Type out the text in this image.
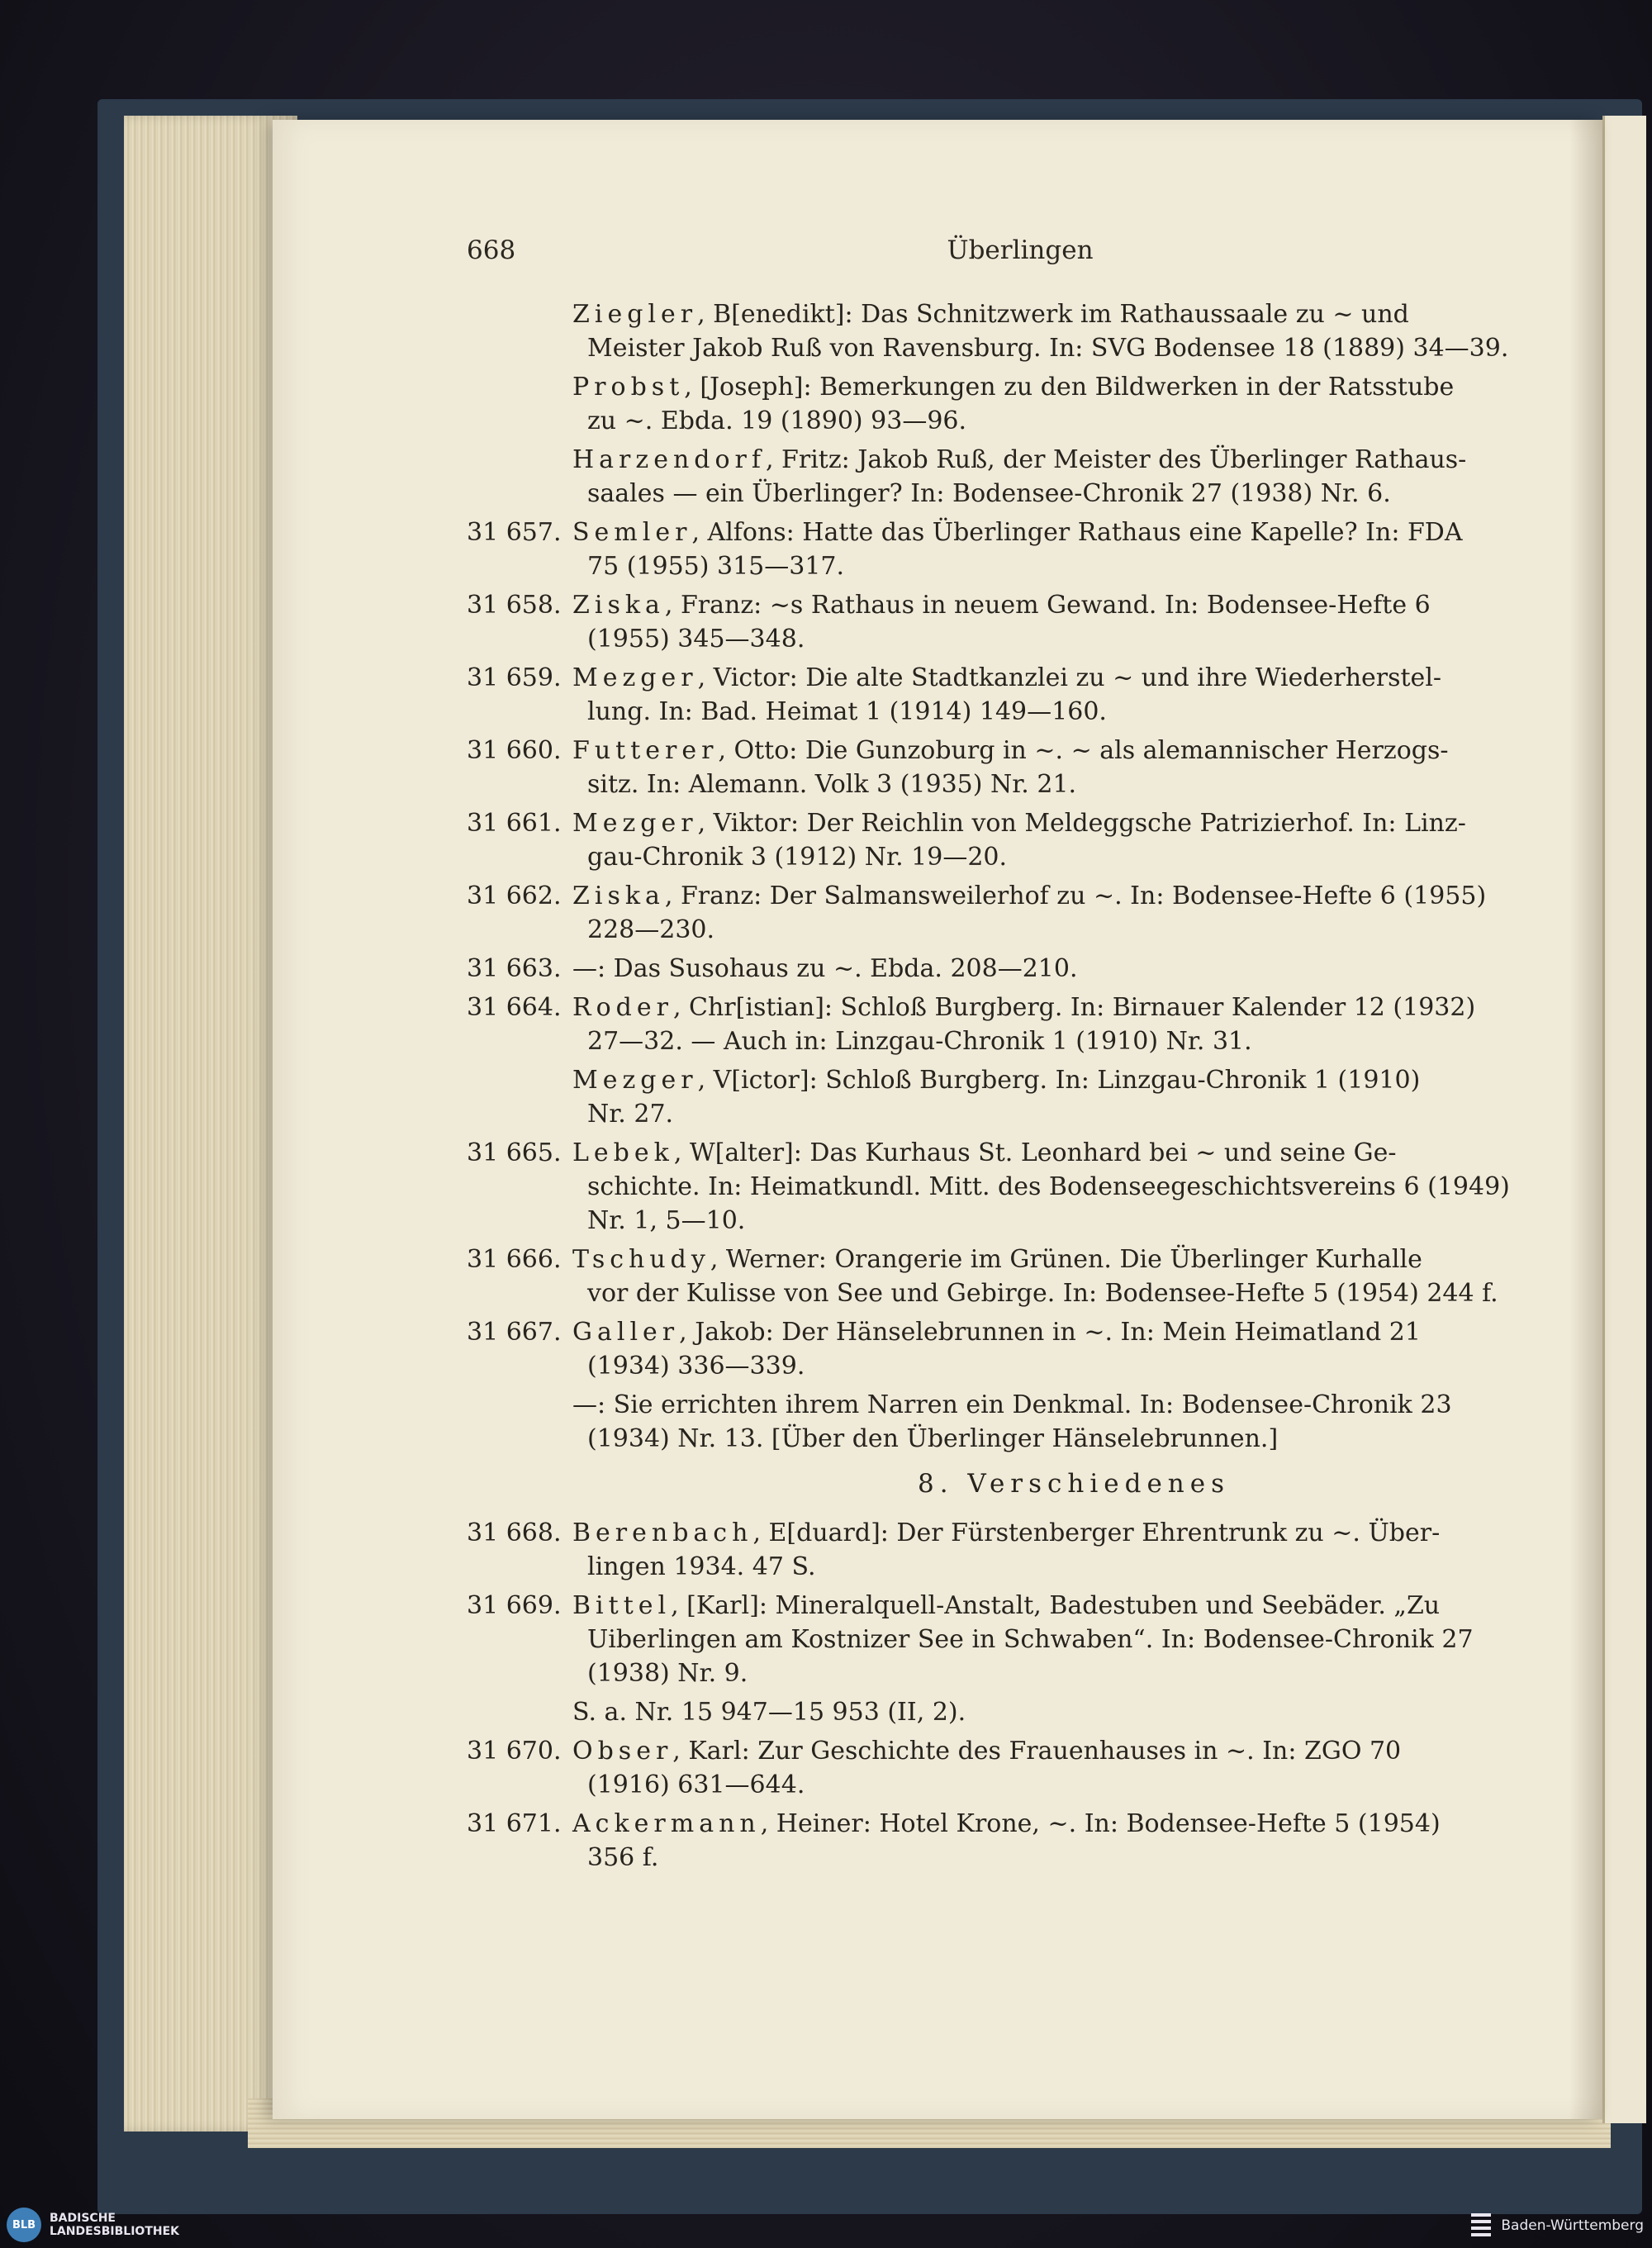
668	Überlingen
Ziegler, B[enedikt]: Das Schnitzwerk im Rathaussaale zu ~ und
Meister Jakob Ruß von Ravensburg. In: SVG Bodensee 18 (1889) 34—39.
Probst, [Joseph]: Bemerkungen zu den Bildwerken in der Ratsstube
zu ~. Ebda. 19 (1890) 93—96.
Harzendorf, Fritz: Jakob Ruß, der Meister des Überlinger Rathaus-
saales — ein Überlinger? In: Bodensee-Chronik 27 (1938) Nr. 6.
31 657. Semler, Alfons: Hatte das Überlinger Rathaus eine Kapelle? In: FDA
75 (1955) 315—317.
31 658. Ziska, Franz: ~s Rathaus in neuem Gewand. In: Bodensee-Hefte 6
(1955) 345—348.
31 659. Mezger, Victor: Die alte Stadtkanzlei zu ~ und ihre Wiederherstel-
lung. In: Bad. Heimat 1 (1914) 149—160.
31 660. Futterer, Otto: Die Gunzoburg in ~. ~ als alemannischer Herzogs-
sitz. In: Alemann. Volk 3 (1935) Nr. 21.
31 661. Mezger, Viktor: Der Reichlin von Meldeggsche Patrizierhof. In: Linz-
gau-Chronik 3 (1912) Nr. 19—20.
31 662. Ziska, Franz: Der Salmansweilerhof zu ~. In: Bodensee-Hefte 6 (1955)
228—230.
31 663. —: Das Susohaus zu ~. Ebda. 208—210.
31 664. Roder, Chr[istian]: Schloß Burgberg. In: Birnauer Kalender 12 (1932)
27—32. — Auch in: Linzgau-Chronik 1 (1910) Nr. 31.
Mezger, V[ictor]: Schloß Burgberg. In: Linzgau-Chronik 1 (1910)
Nr. 27.
31 665. Lebek, W[alter]: Das Kurhaus St. Leonhard bei ~ und seine Ge-
schichte. In: Heimatkundl. Mitt. des Bodenseegeschichtsvereins 6 (1949)
Nr. 1, 5—10.
31 666. Tschudy, Werner: Orangerie im Grünen. Die Überlinger Kurhalle
vor der Kulisse von See und Gebirge. In: Bodensee-Hefte 5 (1954) 244 f.
31 667. Galler, Jakob: Der Hänselebrunnen in ~. In: Mein Heimatland 21
(1934) 336—339.
—: Sie errichten ihrem Narren ein Denkmal. In: Bodensee-Chronik 23
(1934) Nr. 13. [Über den Überlinger Hänselebrunnen.]
8. Verschiedenes
31 668. Berenbach, E[duard]: Der Fürstenberger Ehrentrunk zu ~. Über-
lingen 1934. 47 S.
31 669. Bittel, [Karl]: Mineralquell-Anstalt, Badestuben und Seebäder. „Zu
Uiberlingen am Kostnizer See in Schwaben“. In: Bodensee-Chronik 27
(1938) Nr. 9.
S. a. Nr. 15 947—15 953 (II, 2).
31 670. Obser, Karl: Zur Geschichte des Frauenhauses in ~. In: ZGO 70
(1916) 631—644.
31 671. Ackermann, Heiner: Hotel Krone, ~. In: Bodensee-Hefte 5 (1954)
356 f.
BLB	BADISCHE
LANDESBIBLIOTHEK	Baden-Württemberg
